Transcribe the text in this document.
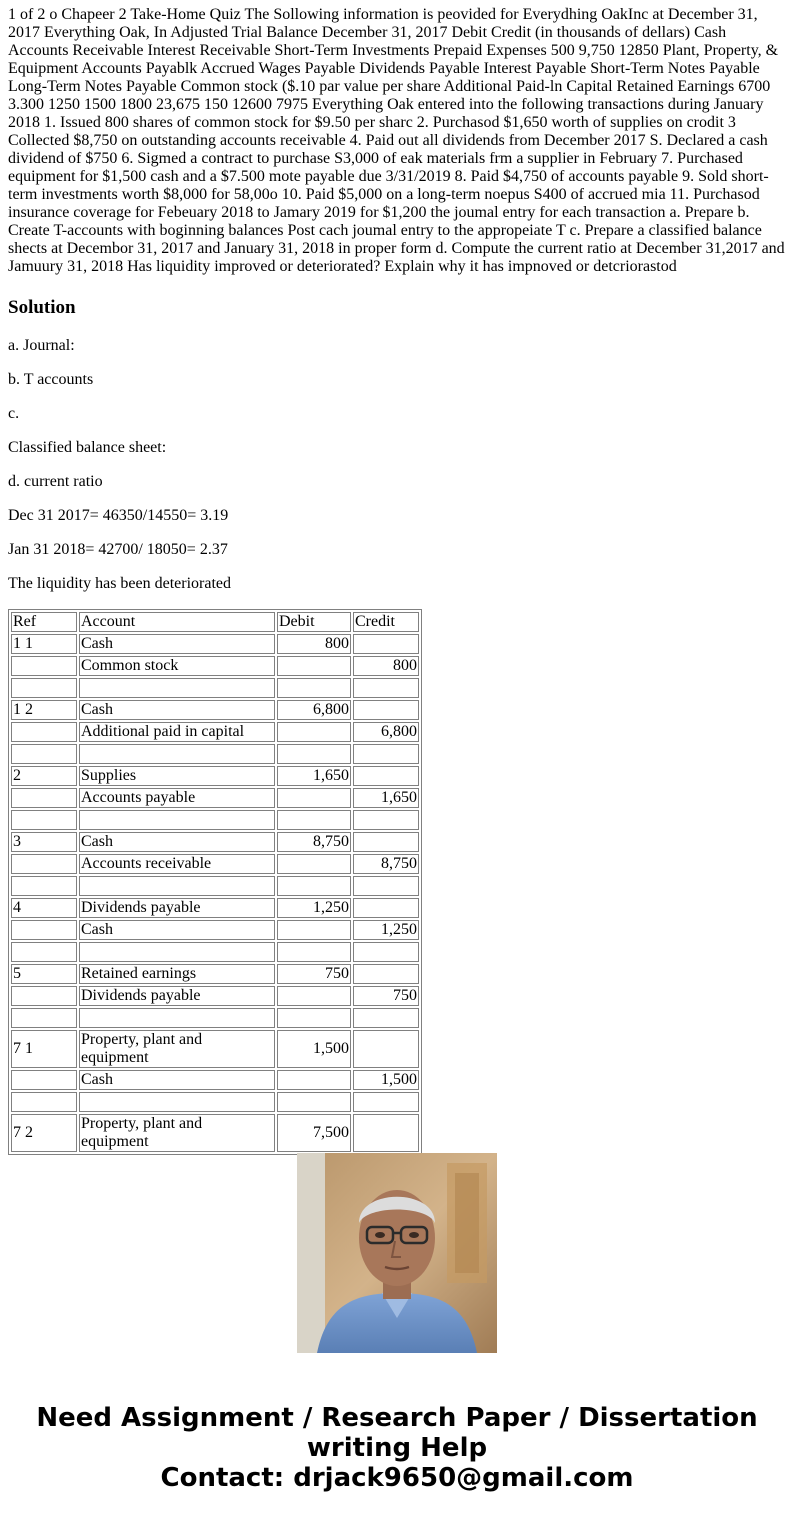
1 of 2 o Chapeer 2 Take-Home Quiz The Sollowing information is peovided for Everydhing OakInc at December 31, 2017 Everything Oak, In Adjusted Trial Balance December 31, 2017 Debit Credit (in thousands of dellars) Cash Accounts Receivable Interest Receivable Short-Term Investments Prepaid Expenses 500 9,750 12850 Plant, Property, & Equipment Accounts Payablk Accrued Wages Payable Dividends Payable Interest Payable Short-Term Notes Payable Long-Term Notes Payable Common stock ($.10 par value per share Additional Paid-ln Capital Retained Earnings 6700 3.300 1250 1500 1800 23,675 150 12600 7975 Everything Oak entered into the following transactions during January 2018 1. Issued 800 shares of common stock for $9.50 per sharc 2. Purchasod $1,650 worth of supplies on crodit 3 Collected $8,750 on outstanding accounts receivable 4. Paid out all dividends from December 2017 S. Declared a cash dividend of $750 6. Sigmed a contract to purchase S3,000 of eak materials frm a supplier in February 7. Purchased equipment for $1,500 cash and a $7.500 mote payable due 3/31/2019 8. Paid $4,750 of accounts payable 9. Sold short-term investments worth $8,000 for 58,00o 10. Paid $5,000 on a long-term noepus S400 of accrued mia 11. Purchasod insurance coverage for Febeuary 2018 to Jamary 2019 for $1,200 the joumal entry for each transaction a. Prepare b. Create T-accounts with boginning balances Post cach joumal entry to the appropeiate T c. Prepare a classified balance shects at Decembor 31, 2017 and January 31, 2018 in proper form d. Compute the current ratio at December 31,2017 and Jamuury 31, 2018 Has liquidity improved or deteriorated? Explain why it has impnoved or detcriorastod

Solution

a. Journal:

b. T accounts

c.

Classified balance sheet:

d. current ratio

Dec 31 2017= 46350/14550= 3.19

Jan 31 2018= 42700/ 18050= 2.37

The liquidity has been deteriorated

Ref	Account	Debit	Credit
1 1	Cash	800	
	Common stock		800

1 2	Cash	6,800	
	Additional paid in capital		6,800

2	Supplies	1,650	
	Accounts payable		1,650

3	Cash	8,750	
	Accounts receivable		8,750

4	Dividends payable	1,250	
	Cash		1,250

5	Retained earnings	750	
	Dividends payable		750

7 1	Property, plant and equipment	1,500	
	Cash		1,500

7 2	Property, plant and equipment	7,500	
Need Assignment / Research Paper / Dissertation
writing Help
Contact: drjack9650@gmail.com
